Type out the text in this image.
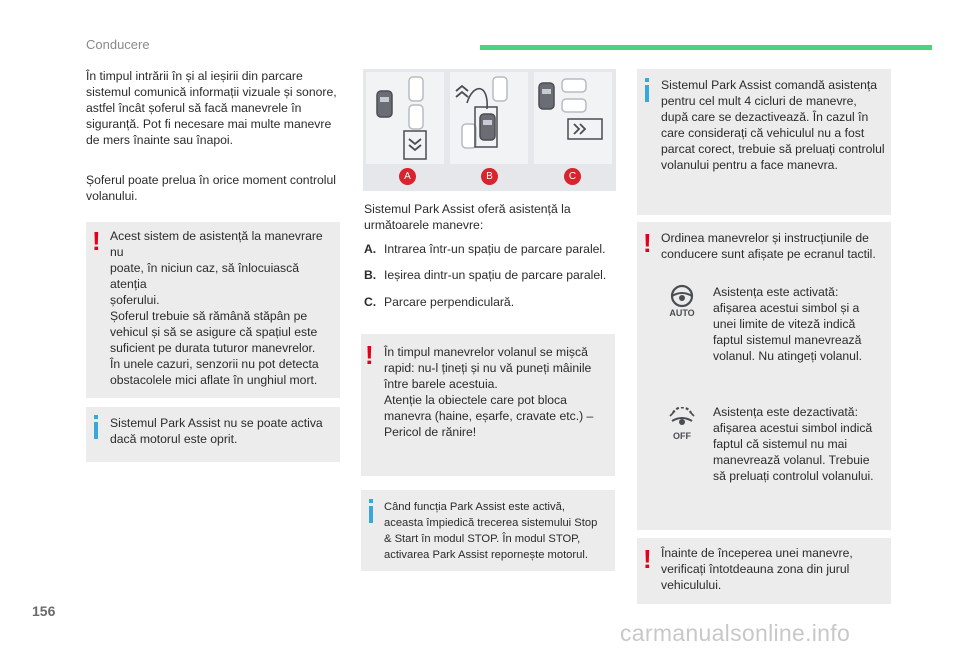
Conducere

În timpul intrării în și al ieșirii din parcare
sistemul comunică informații vizuale și sonore,
astfel încât șoferul să facă manevrele în
siguranță. Pot fi necesare mai multe manevre
de mers înainte sau înapoi.

Șoferul poate prelua în orice moment controlul
volanului.

! Acest sistem de asistență la manevrare nu
poate, în niciun caz, să înlocuiască atenția
șoferului.
Șoferul trebuie să rămână stăpân pe
vehicul și să se asigure că spațiul este
suficient pe durata tuturor manevrelor.
În unele cazuri, senzorii nu pot detecta
obstacolele mici aflate în unghiul mort.

Sistemul Park Assist nu se poate activa
dacă motorul este oprit.

A	B	C

Sistemul Park Assist oferă asistență la
următoarele manevre:

A. Intrarea într-un spațiu de parcare paralel.
B. Ieșirea dintr-un spațiu de parcare paralel.
C. Parcare perpendiculară.
! În timpul manevrelor volanul se mișcă
rapid: nu-l țineți și nu vă puneți mâinile
între barele acestuia.
Atenție la obiectele care pot bloca
manevra (haine, eșarfe, cravate etc.) –
Pericol de rănire!

Când funcția Park Assist este activă,
aceasta împiedică trecerea sistemului Stop
& Start în modul STOP. În modul STOP,
activarea Park Assist repornește motorul.

Sistemul Park Assist comandă asistența
pentru cel mult 4 cicluri de manevre,
după care se dezactivează. În cazul în
care considerați că vehiculul nu a fost
parcat corect, trebuie să preluați controlul
volanului pentru a face manevra.

! Ordinea manevrelor și instrucțiunile de
conducere sunt afișate pe ecranul tactil.

AUTO

Asistența este activată:
afișarea acestui simbol și a
unei limite de viteză indică
faptul sistemul manevrează
volanul. Nu atingeți volanul.

OFF

Asistența este dezactivată:
afișarea acestui simbol indică
faptul că sistemul nu mai
manevrează volanul. Trebuie
să preluați controlul volanului.

! Înainte de începerea unei manevre,
verificați întotdeauna zona din jurul
vehiculului.

156
carmanualsonline.info
